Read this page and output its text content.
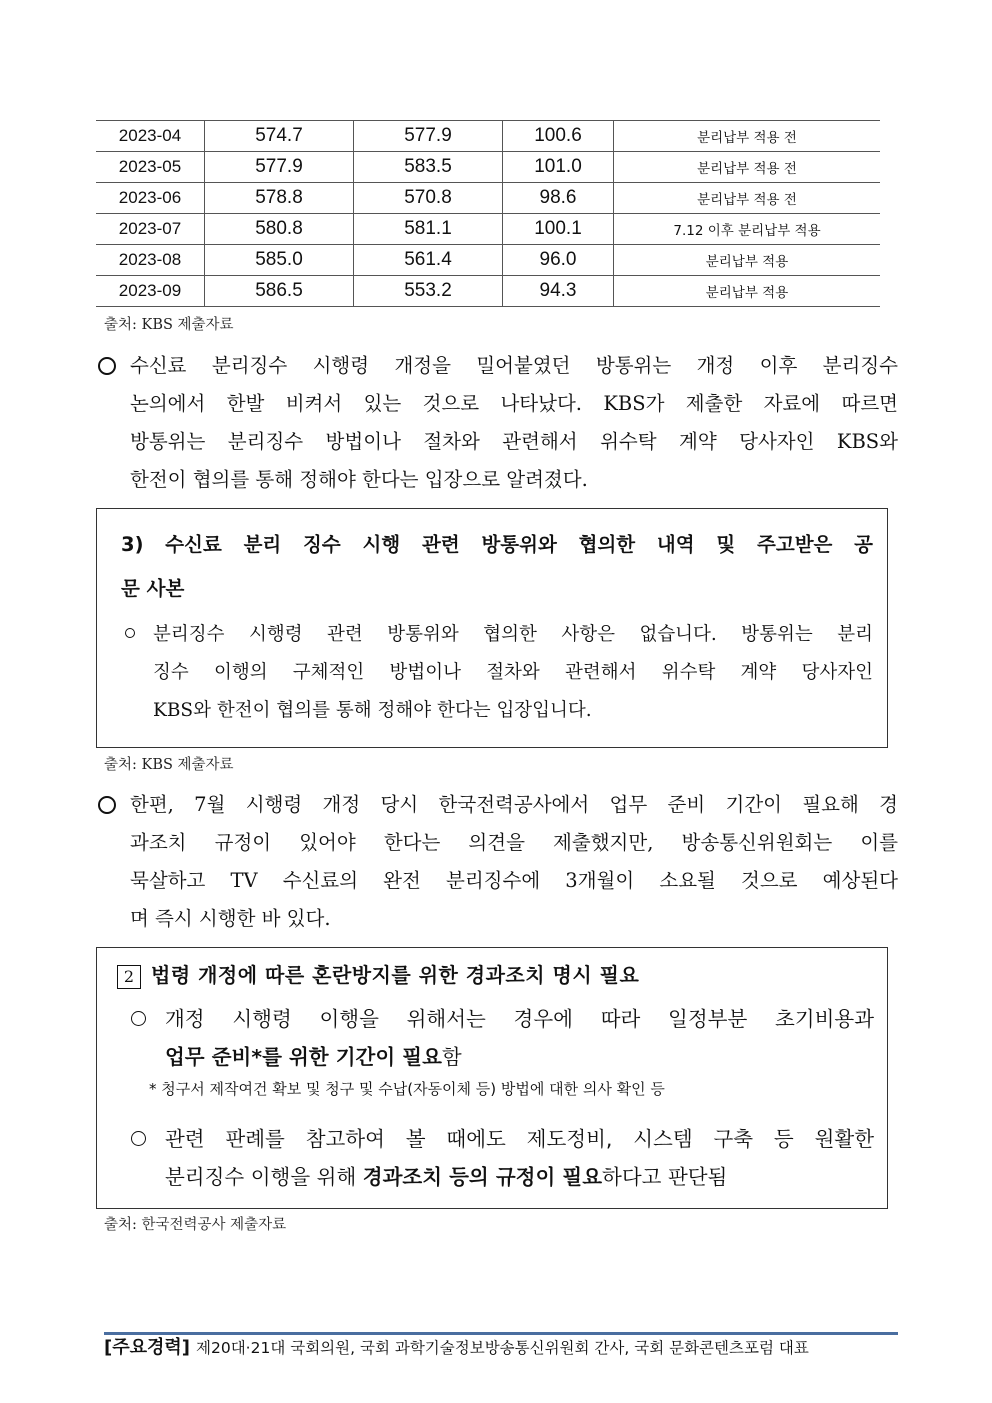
2023-04	574.7	577.9	100.6	분리납부 적용 전
2023-05	577.9	583.5	101.0	분리납부 적용 전
2023-06	578.8	570.8	98.6	분리납부 적용 전
2023-07	580.8	581.1	100.1	7.12 이후 분리납부 적용
2023-08	585.0	561.4	96.0	분리납부 적용
2023-09	586.5	553.2	94.3	분리납부 적용
출처: KBS 제출자료
수신료 분리징수 시행령 개정을 밀어붙였던 방통위는 개정 이후 분리징수
논의에서 한발 비켜서 있는 것으로 나타났다. KBS가 제출한 자료에 따르면
방통위는 분리징수 방법이나 절차와 관련해서 위수탁 계약 당사자인 KBS와
한전이 협의를 통해 정해야 한다는 입장으로 알려졌다.
3) 수신료 분리 징수 시행 관련 방통위와 협의한 내역 및 주고받은 공
문 사본
분리징수 시행령 관련 방통위와 협의한 사항은 없습니다. 방통위는 분리
징수 이행의 구체적인 방법이나 절차와 관련해서 위수탁 계약 당사자인
KBS와 한전이 협의를 통해 정해야 한다는 입장입니다.
출처: KBS 제출자료
한편, 7월 시행령 개정 당시 한국전력공사에서 업무 준비 기간이 필요해 경
과조치 규정이 있어야 한다는 의견을 제출했지만, 방송통신위원회는 이를
묵살하고 TV 수신료의 완전 분리징수에 3개월이 소요될 것으로 예상된다
며 즉시 시행한 바 있다.
2 법령 개정에 따른 혼란방지를 위한 경과조치 명시 필요
개정 시행령 이행을 위해서는 경우에 따라 일정부분 초기비용과
업무 준비*를 위한 기간이 필요함
* 청구서 제작여건 확보 및 청구 및 수납(자동이체 등) 방법에 대한 의사 확인 등
관련 판례를 참고하여 볼 때에도 제도정비, 시스템 구축 등 원활한
분리징수 이행을 위해 경과조치 등의 규정이 필요하다고 판단됨
출처: 한국전력공사 제출자료
[주요경력] 제20대·21대 국회의원, 국회 과학기술정보방송통신위원회 간사, 국회 문화콘텐츠포럼 대표
